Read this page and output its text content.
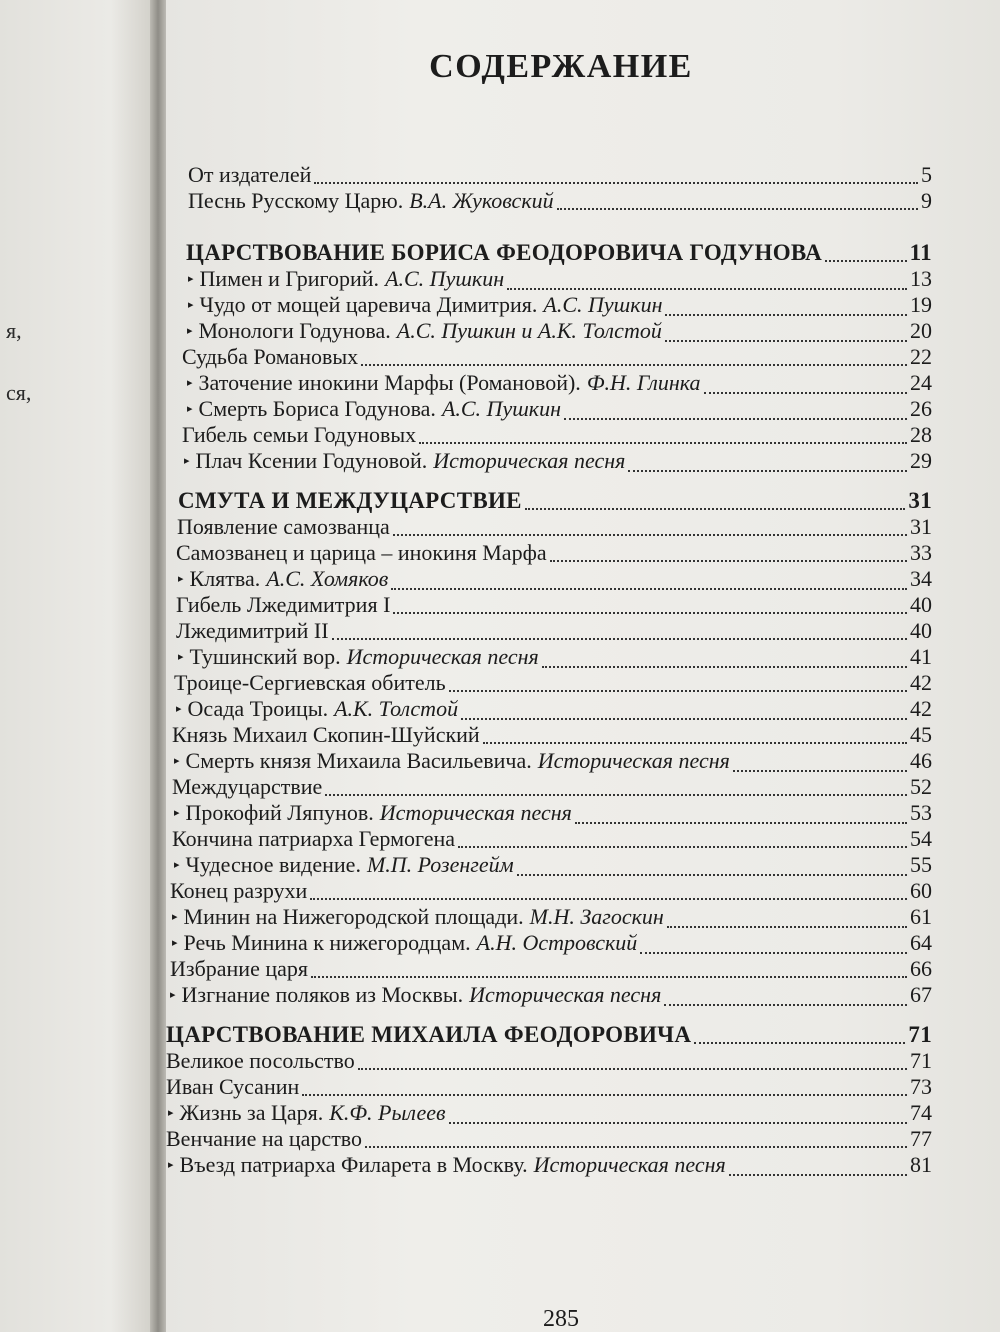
я,
ся,
СОДЕРЖАНИЕ
От издателей	5
Песнь Русскому Царю. В.А. Жуковский	9
ЦАРСТВОВАНИЕ БОРИСА ФЕОДОРОВИЧА ГОДУНОВА	11
▸ Пимен и Григорий. А.С. Пушкин	13
▸ Чудо от мощей царевича Димитрия. А.С. Пушкин	19
▸ Монологи Годунова. А.С. Пушкин и А.К. Толстой	20
Судьба Романовых	22
▸ Заточение инокини Марфы (Романовой). Ф.Н. Глинка	24
▸ Смерть Бориса Годунова. А.С. Пушкин	26
Гибель семьи Годуновых	28
▸ Плач Ксении Годуновой. Историческая песня	29
СМУТА И МЕЖДУЦАРСТВИЕ	31
Появление самозванца	31
Самозванец и царица – инокиня Марфа	33
▸ Клятва. А.С. Хомяков	34
Гибель Лжедимитрия I	40
Лжедимитрий II	40
▸ Тушинский вор. Историческая песня	41
Троице-Сергиевская обитель	42
▸ Осада Троицы. А.К. Толстой	42
Князь Михаил Скопин-Шуйский	45
▸ Смерть князя Михаила Васильевича. Историческая песня	46
Междуцарствие	52
▸ Прокофий Ляпунов. Историческая песня	53
Кончина патриарха Гермогена	54
▸ Чудесное видение. М.П. Розенгейм	55
Конец разрухи	60
▸ Минин на Нижегородской площади. М.Н. Загоскин	61
▸ Речь Минина к нижегородцам. А.Н. Островский	64
Избрание царя	66
▸ Изгнание поляков из Москвы. Историческая песня	67
ЦАРСТВОВАНИЕ МИХАИЛА ФЕОДОРОВИЧА	71
Великое посольство	71
Иван Сусанин	73
▸ Жизнь за Царя. К.Ф. Рылеев	74
Венчание на царство	77
▸ Въезд патриарха Филарета в Москву. Историческая песня	81
285
